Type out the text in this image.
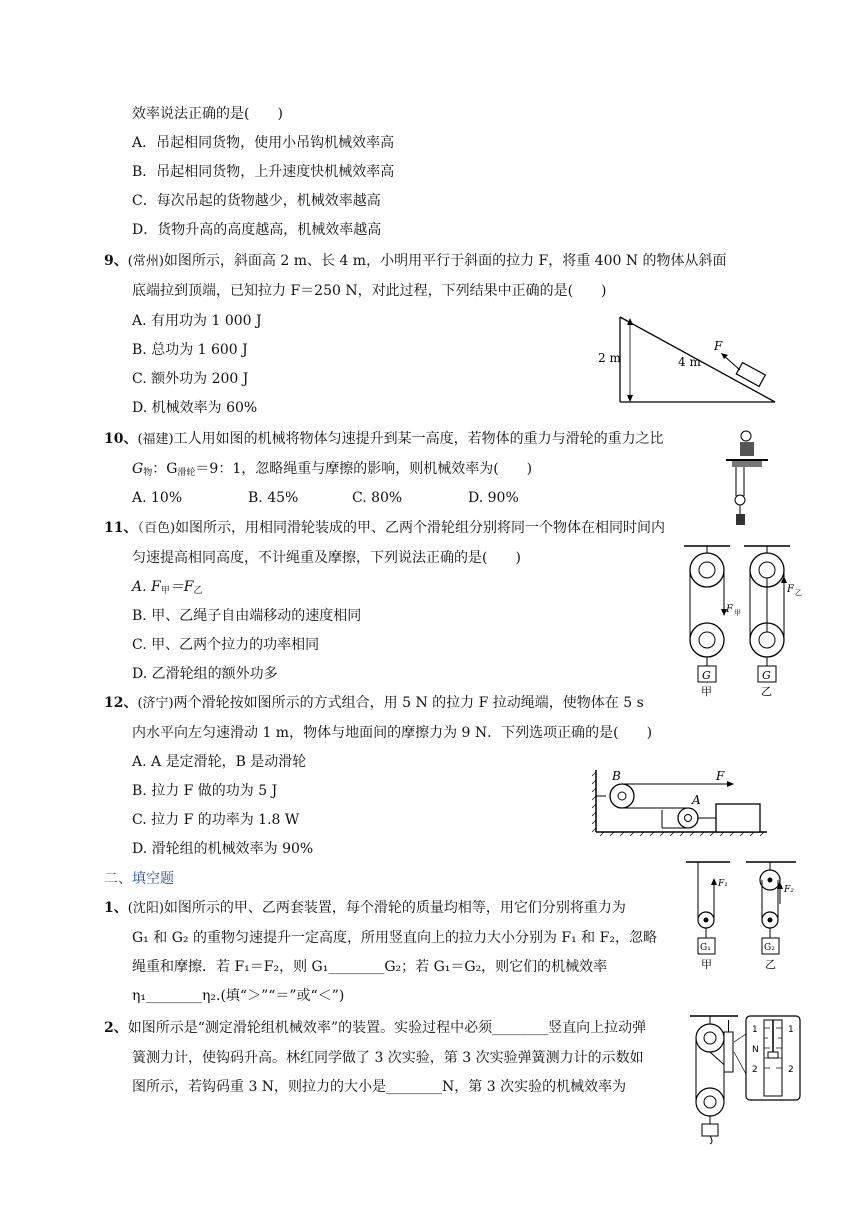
效率说法正确的是(　　)
A．吊起相同货物，使用小吊钩机械效率高
B．吊起相同货物，上升速度快机械效率高
C．每次吊起的货物越少，机械效率越高
D．货物升高的高度越高，机械效率越高
9、(常州)如图所示，斜面高 2 m、长 4 m，小明用平行于斜面的拉力 F，将重 400 N 的物体从斜面
底端拉到顶端，已知拉力 F＝250 N，对此过程，下列结果中正确的是(　　)
A. 有用功为 1 000 J
B. 总功为 1 600 J
C. 额外功为 200 J
D. 机械效率为 60%
2 m	4 m
F
10、(福建)工人用如图的机械将物体匀速提升到某一高度，若物体的重力与滑轮的重力之比
$G_物$：$G_{滑轮}=9$：1，忽略绳重与摩擦的影响，则机械效率为(　　)
A. 10%	B. 45%	C. 80%	D. 90%
11、（百色)如图所示，用相同滑轮装成的甲、乙两个滑轮组分别将同一个物体在相同时间内
匀速提高相同高度，不计绳重及摩擦，下列说法正确的是(　　)
A. $F_甲=F_乙$
B. 甲、乙绳子自由端移动的速度相同
C. 甲、乙两个拉力的功率相同
D. 乙滑轮组的额外功多	G
F 甲
甲
G
F 乙
乙
12、(济宁)两个滑轮按如图所示的方式组合，用 5 N 的拉力 F 拉动绳端，使物体在 5 s
内水平向左匀速滑动 1 m，物体与地面间的摩擦力为 9 N．下列选项正确的是(　　)
A. A 是定滑轮，B 是动滑轮
B. 拉力 F 做的功为 5 J
C. 拉力 F 的功率为 1.8 W
D. 滑轮组的机械效率为 90%
B
A
F
二、填空题
1、(沈阳)如图所示的甲、乙两套装置，每个滑轮的质量均相等，用它们分别将重力为
G₁ 和 G₂ 的重物匀速提升一定高度，所用竖直向上的拉力大小分别为 F₁ 和 F₂，忽略
绳重和摩擦．若 F₁＝F₂，则 G₁________G₂；若 G₁＝G₂，则它们的机械效率
η₁________η₂.(填“＞”“＝”或“＜”)
G₁
F₁
甲
G₂
F₂
乙
2、如图所示是“测定滑轮组机械效率”的装置。实验过程中必须________竖直向上拉动弹
簧测力计，使钩码升高。林红同学做了 3 次实验，第 3 次实验弹簧测力计的示数如
图所示，若钩码重 3 N，则拉力的大小是________N，第 3 次实验的机械效率为
1
N
2
1
2
